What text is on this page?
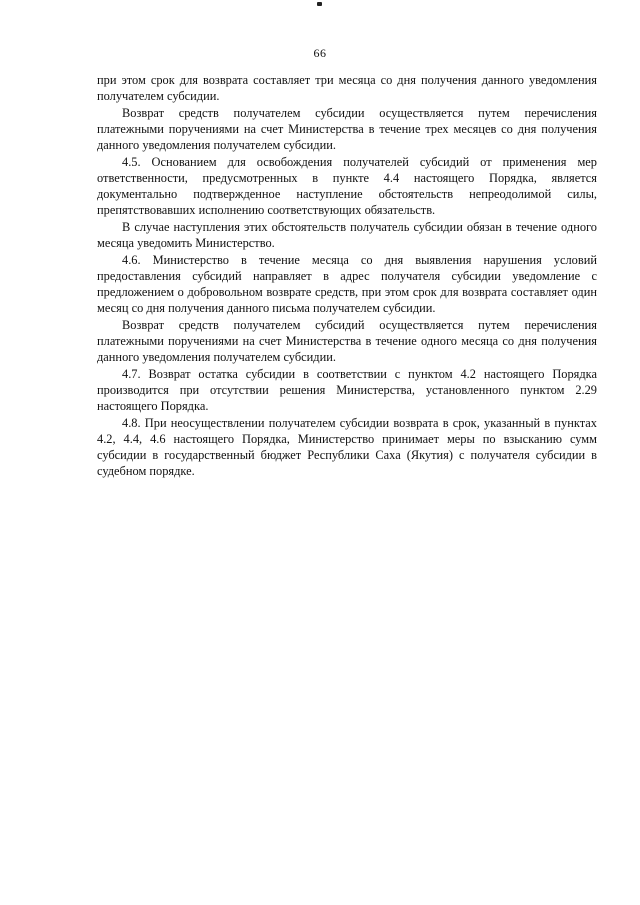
66

при этом срок для возврата составляет три месяца со дня получения данного уведомления получателем субсидии.

Возврат средств получателем субсидии осуществляется путем перечисления платежными поручениями на счет Министерства в течение трех месяцев со дня получения данного уведомления получателем субсидии.

4.5. Основанием для освобождения получателей субсидий от применения мер ответственности, предусмотренных в пункте 4.4 настоящего Порядка, является документально подтвержденное наступление обстоятельств непреодолимой силы, препятствовавших исполнению соответствующих обязательств.

В случае наступления этих обстоятельств получатель субсидии обязан в течение одного месяца уведомить Министерство.

4.6. Министерство в течение месяца со дня выявления нарушения условий предоставления субсидий направляет в адрес получателя субсидии уведомление с предложением о добровольном возврате средств, при этом срок для возврата составляет один месяц со дня получения данного письма получателем субсидии.

Возврат средств получателем субсидий осуществляется путем перечисления платежными поручениями на счет Министерства в течение одного месяца со дня получения данного уведомления получателем субсидии.

4.7. Возврат остатка субсидии в соответствии с пунктом 4.2 настоящего Порядка производится при отсутствии решения Министерства, установленного пунктом 2.29 настоящего Порядка.

4.8. При неосуществлении получателем субсидии возврата в срок, указанный в пунктах 4.2, 4.4, 4.6 настоящего Порядка, Министерство принимает меры по взысканию сумм субсидии в государственный бюджет Республики Саха (Якутия) с получателя субсидии в судебном порядке.
